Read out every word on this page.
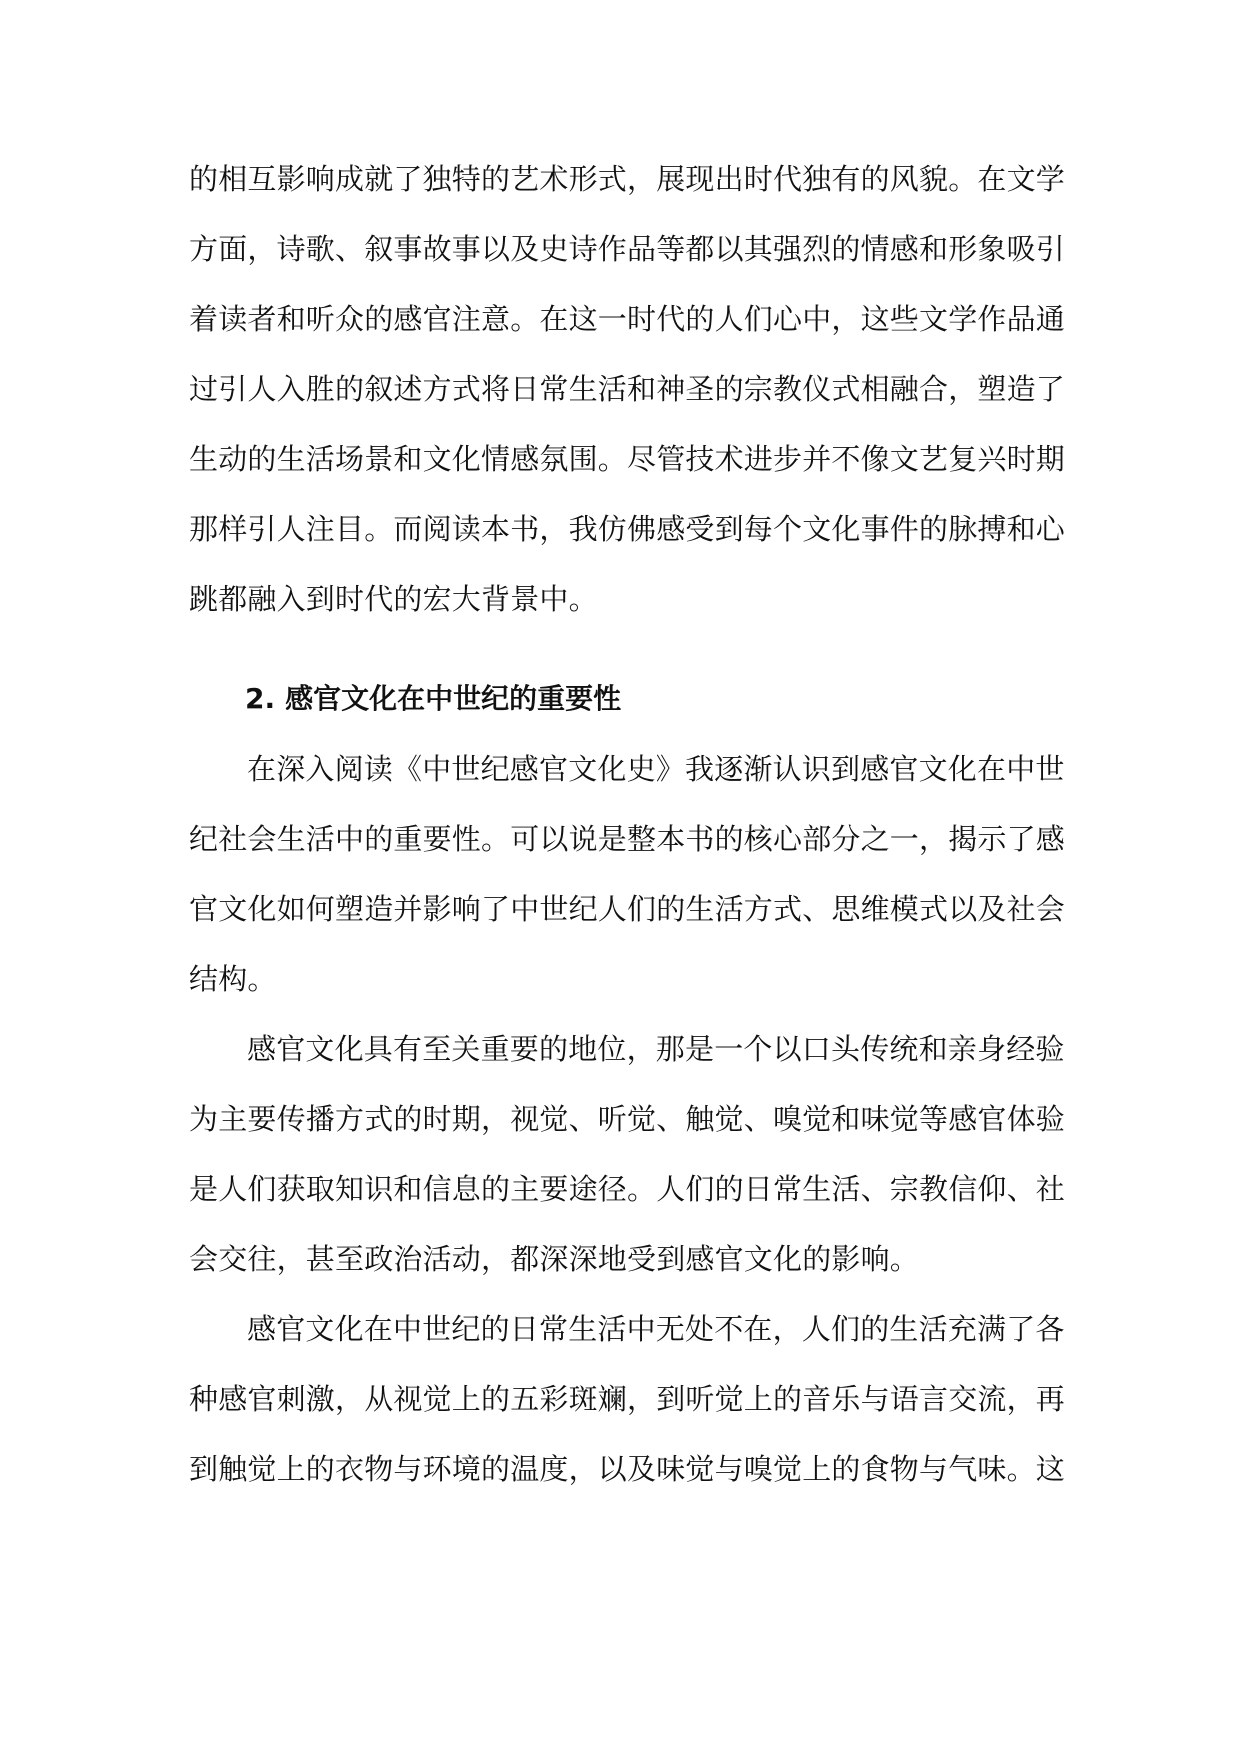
的相互影响成就了独特的艺术形式，展现出时代独有的风貌。在文学
方面，诗歌、叙事故事以及史诗作品等都以其强烈的情感和形象吸引
着读者和听众的感官注意。在这一时代的人们心中，这些文学作品通
过引人入胜的叙述方式将日常生活和神圣的宗教仪式相融合，塑造了
生动的生活场景和文化情感氛围。尽管技术进步并不像文艺复兴时期
那样引人注目。而阅读本书，我仿佛感受到每个文化事件的脉搏和心
跳都融入到时代的宏大背景中。
2. 感官文化在中世纪的重要性
在深入阅读《中世纪感官文化史》我逐渐认识到感官文化在中世
纪社会生活中的重要性。可以说是整本书的核心部分之一，揭示了感
官文化如何塑造并影响了中世纪人们的生活方式、思维模式以及社会
结构。
感官文化具有至关重要的地位，那是一个以口头传统和亲身经验
为主要传播方式的时期，视觉、听觉、触觉、嗅觉和味觉等感官体验
是人们获取知识和信息的主要途径。人们的日常生活、宗教信仰、社
会交往，甚至政治活动，都深深地受到感官文化的影响。
感官文化在中世纪的日常生活中无处不在，人们的生活充满了各
种感官刺激，从视觉上的五彩斑斓，到听觉上的音乐与语言交流，再
到触觉上的衣物与环境的温度，以及味觉与嗅觉上的食物与气味。这
